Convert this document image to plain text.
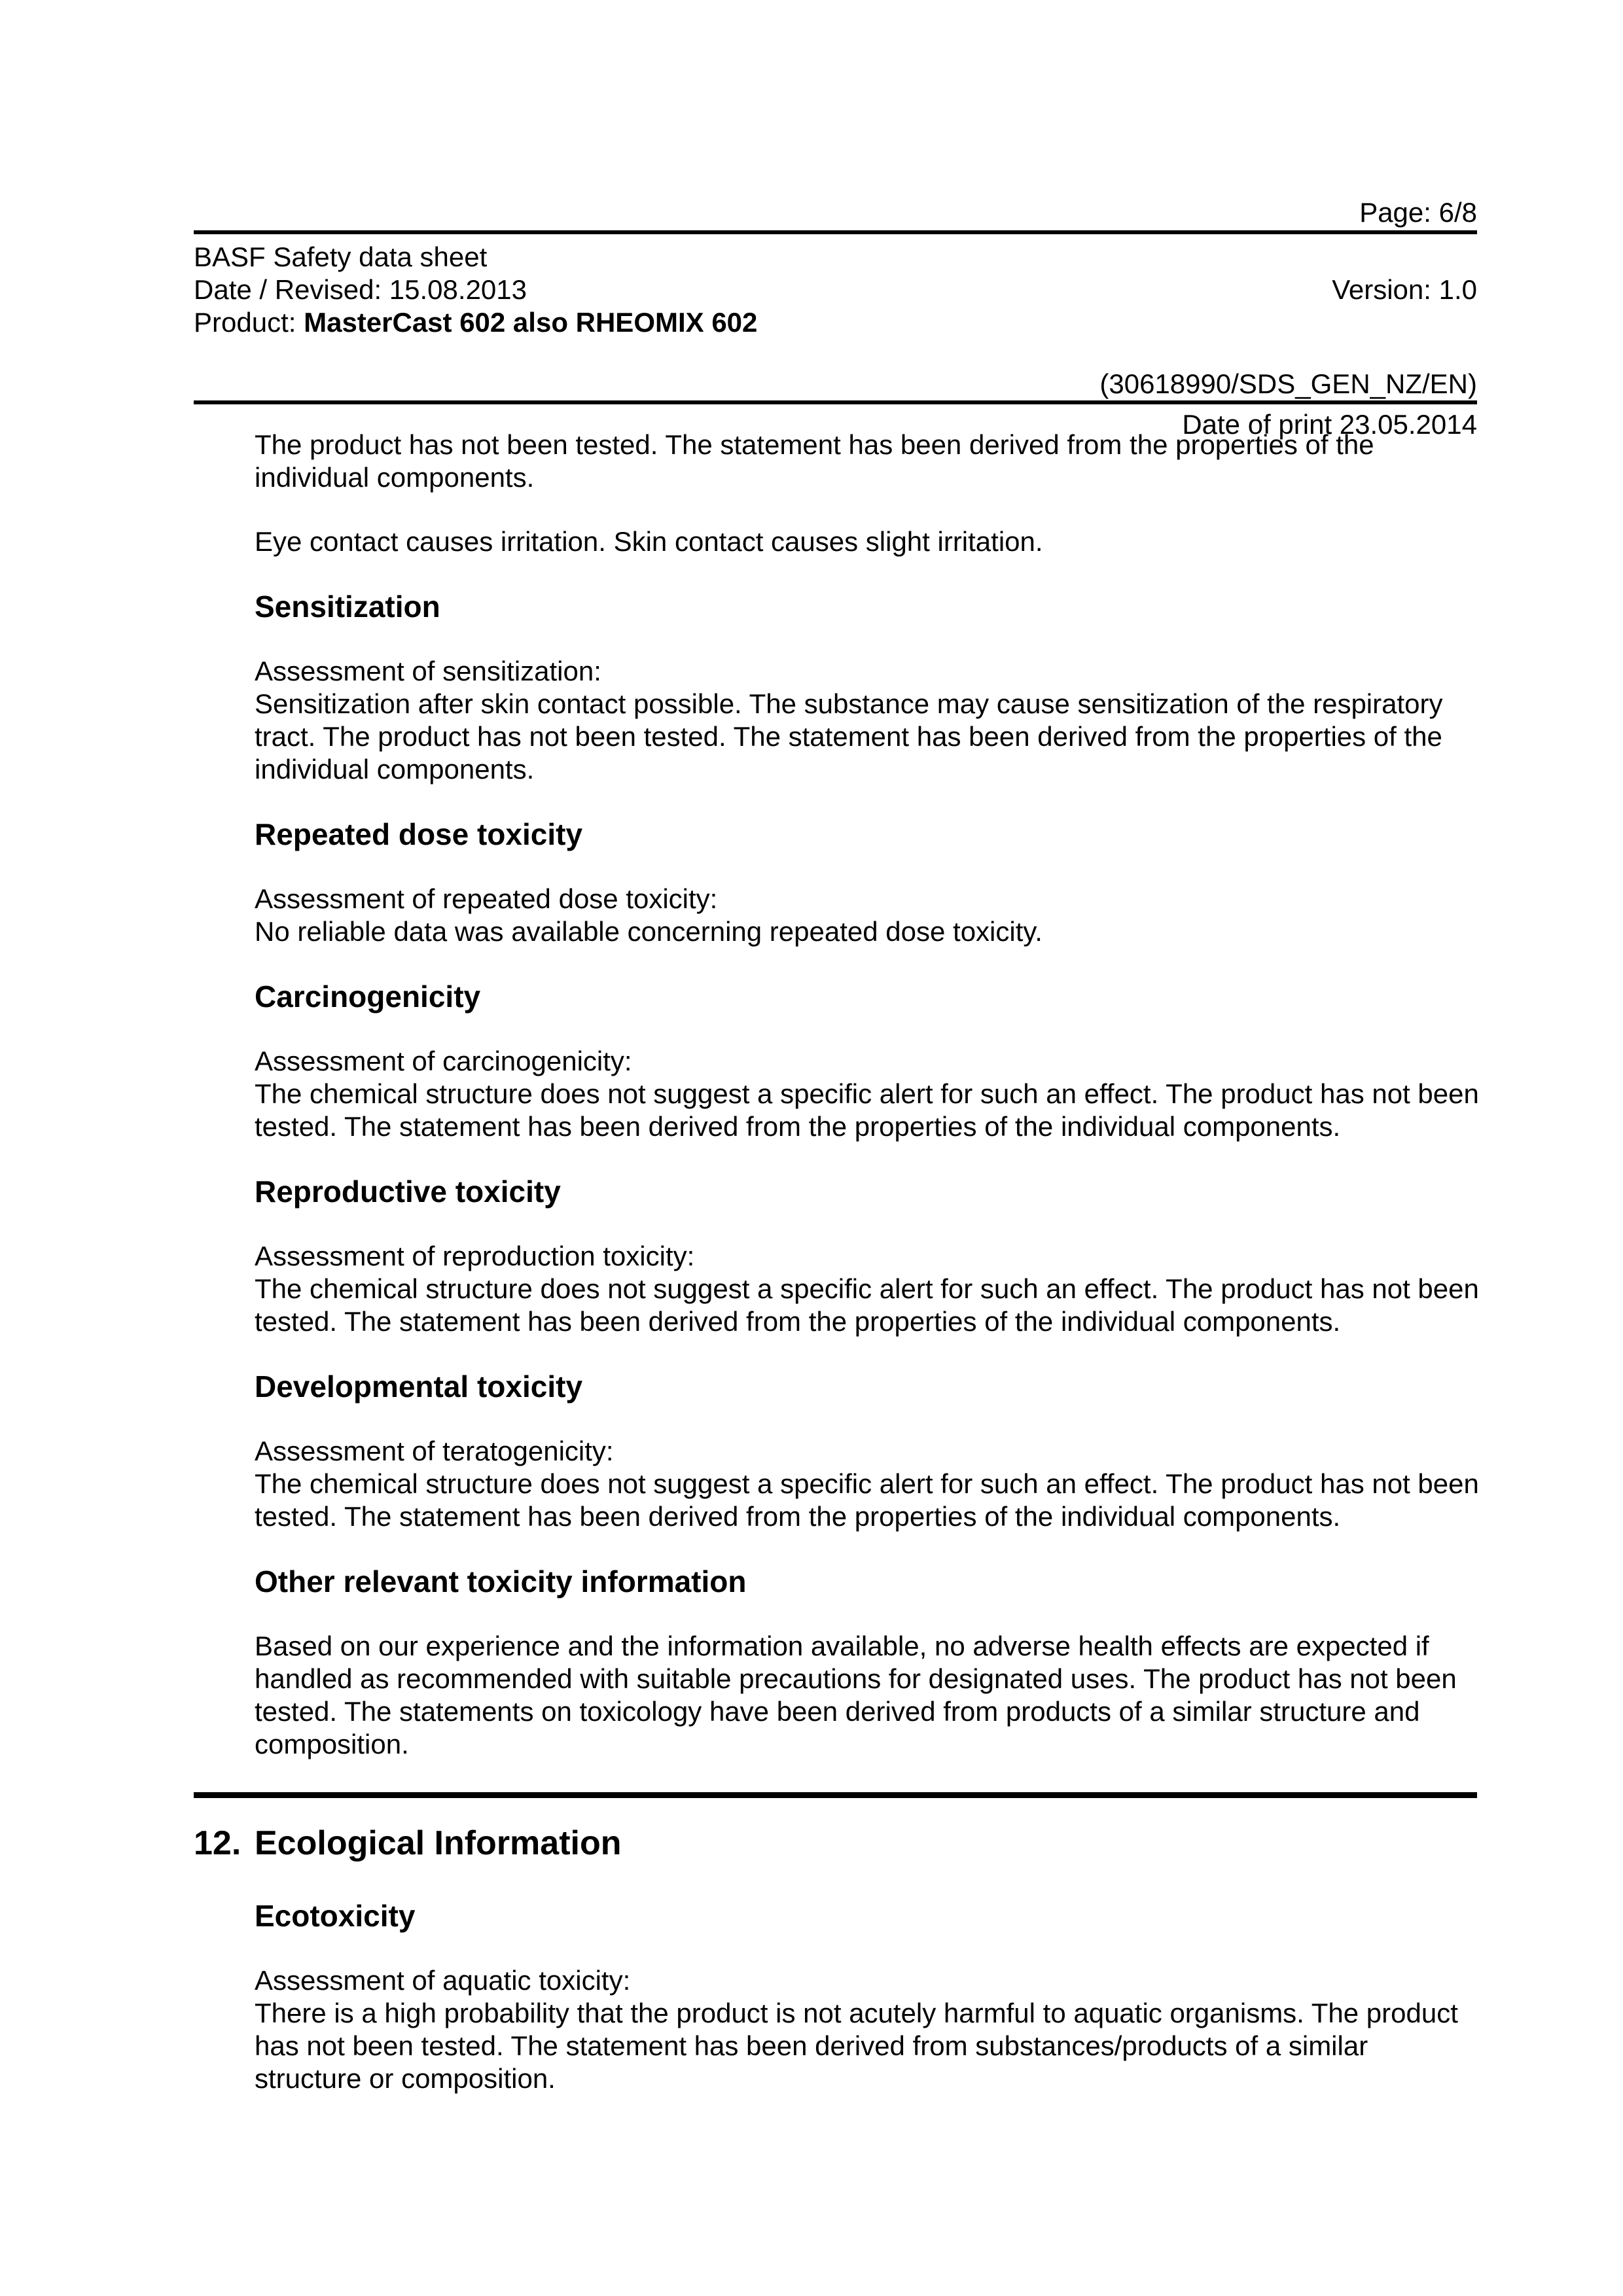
Page: 6/8
BASF Safety data sheet
Date / Revised: 15.08.2013	Version: 1.0
Product: MasterCast 602 also RHEOMIX 602
(30618990/SDS_GEN_NZ/EN)
Date of print 23.05.2014
The product has not been tested. The statement has been derived from the properties of the
individual components.
Eye contact causes irritation. Skin contact causes slight irritation.
Sensitization
Assessment of sensitization:
Sensitization after skin contact possible. The substance may cause sensitization of the respiratory
tract. The product has not been tested. The statement has been derived from the properties of the
individual components.
Repeated dose toxicity
Assessment of repeated dose toxicity:
No reliable data was available concerning repeated dose toxicity.
Carcinogenicity
Assessment of carcinogenicity:
The chemical structure does not suggest a specific alert for such an effect. The product has not been
tested. The statement has been derived from the properties of the individual components.
Reproductive toxicity
Assessment of reproduction toxicity:
The chemical structure does not suggest a specific alert for such an effect. The product has not been
tested. The statement has been derived from the properties of the individual components.
Developmental toxicity
Assessment of teratogenicity:
The chemical structure does not suggest a specific alert for such an effect. The product has not been
tested. The statement has been derived from the properties of the individual components.
Other relevant toxicity information
Based on our experience and the information available, no adverse health effects are expected if
handled as recommended with suitable precautions for designated uses. The product has not been
tested. The statements on toxicology have been derived from products of a similar structure and
composition.
12. Ecological Information
Ecotoxicity
Assessment of aquatic toxicity:
There is a high probability that the product is not acutely harmful to aquatic organisms. The product
has not been tested. The statement has been derived from substances/products of a similar
structure or composition.
